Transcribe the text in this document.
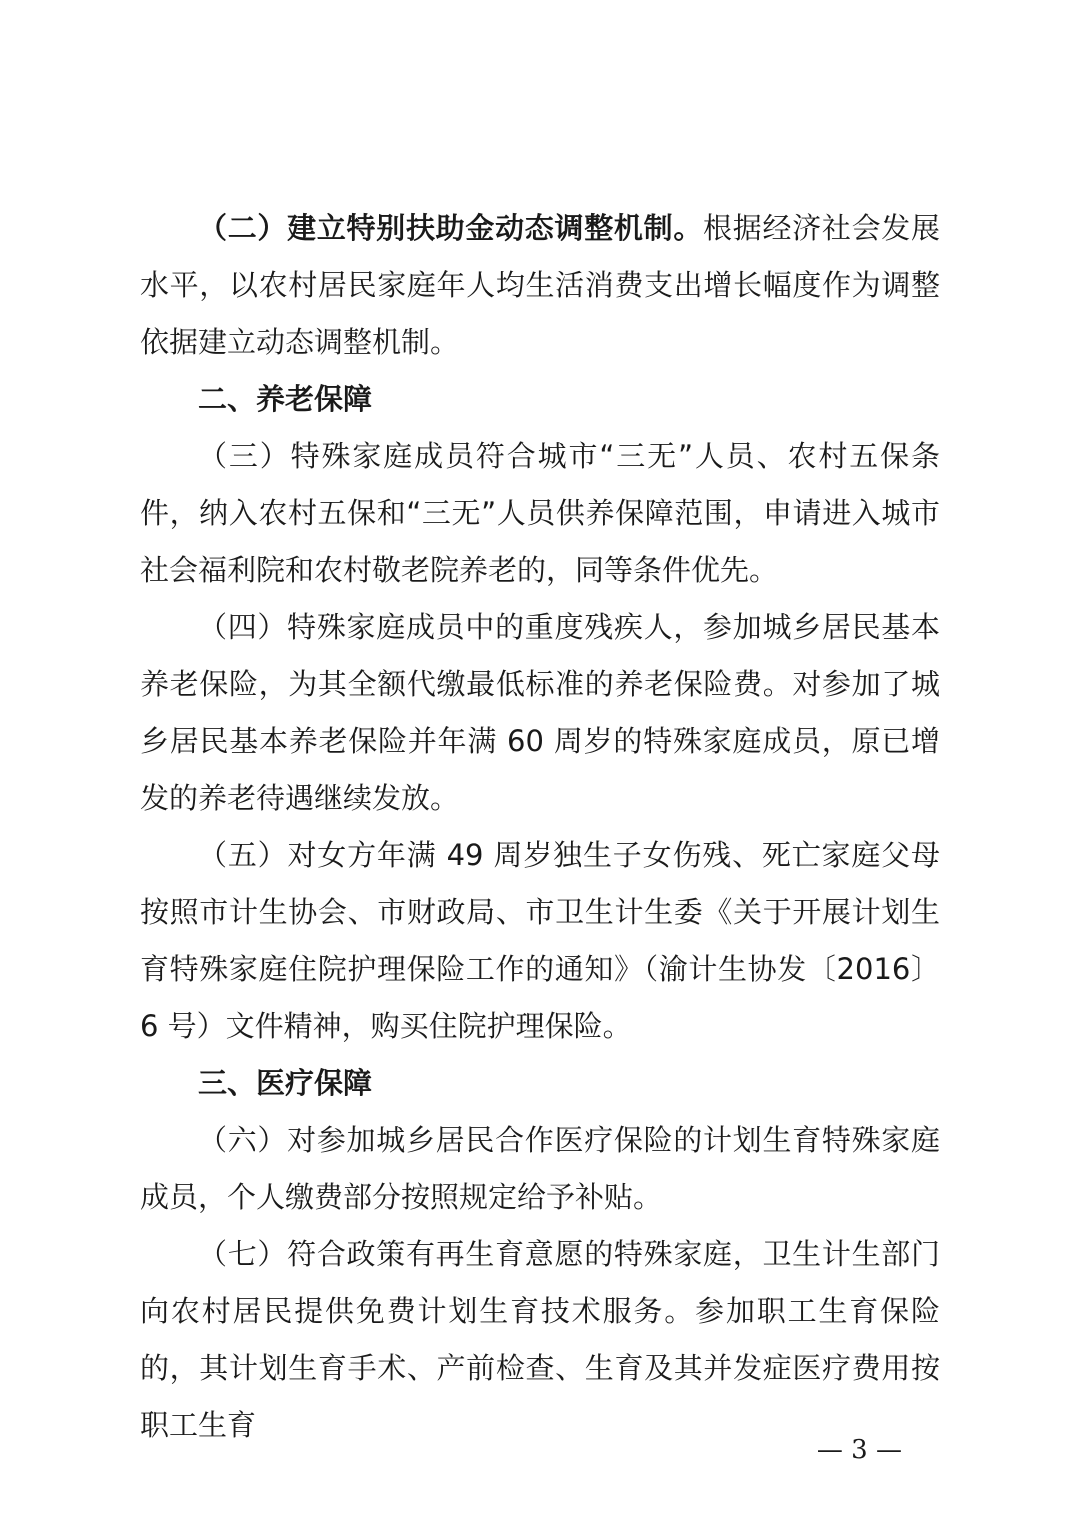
（二）建立特别扶助金动态调整机制。根据经济社会发展水平，以农村居民家庭年人均生活消费支出增长幅度作为调整依据建立动态调整机制。

二、养老保障

（三）特殊家庭成员符合城市“三无”人员、农村五保条件，纳入农村五保和“三无”人员供养保障范围，申请进入城市社会福利院和农村敬老院养老的，同等条件优先。

（四）特殊家庭成员中的重度残疾人，参加城乡居民基本养老保险，为其全额代缴最低标准的养老保险费。对参加了城乡居民基本养老保险并年满 60 周岁的特殊家庭成员，原已增发的养老待遇继续发放。

（五）对女方年满 49 周岁独生子女伤残、死亡家庭父母按照市计生协会、市财政局、市卫生计生委《关于开展计划生育特殊家庭住院护理保险工作的通知》（渝计生协发〔2016〕6 号）文件精神，购买住院护理保险。

三、医疗保障

（六）对参加城乡居民合作医疗保险的计划生育特殊家庭成员，个人缴费部分按照规定给予补贴。

（七）符合政策有再生育意愿的特殊家庭，卫生计生部门向农村居民提供免费计划生育技术服务。参加职工生育保险的，其计划生育手术、产前检查、生育及其并发症医疗费用按职工生育

— 3 —
